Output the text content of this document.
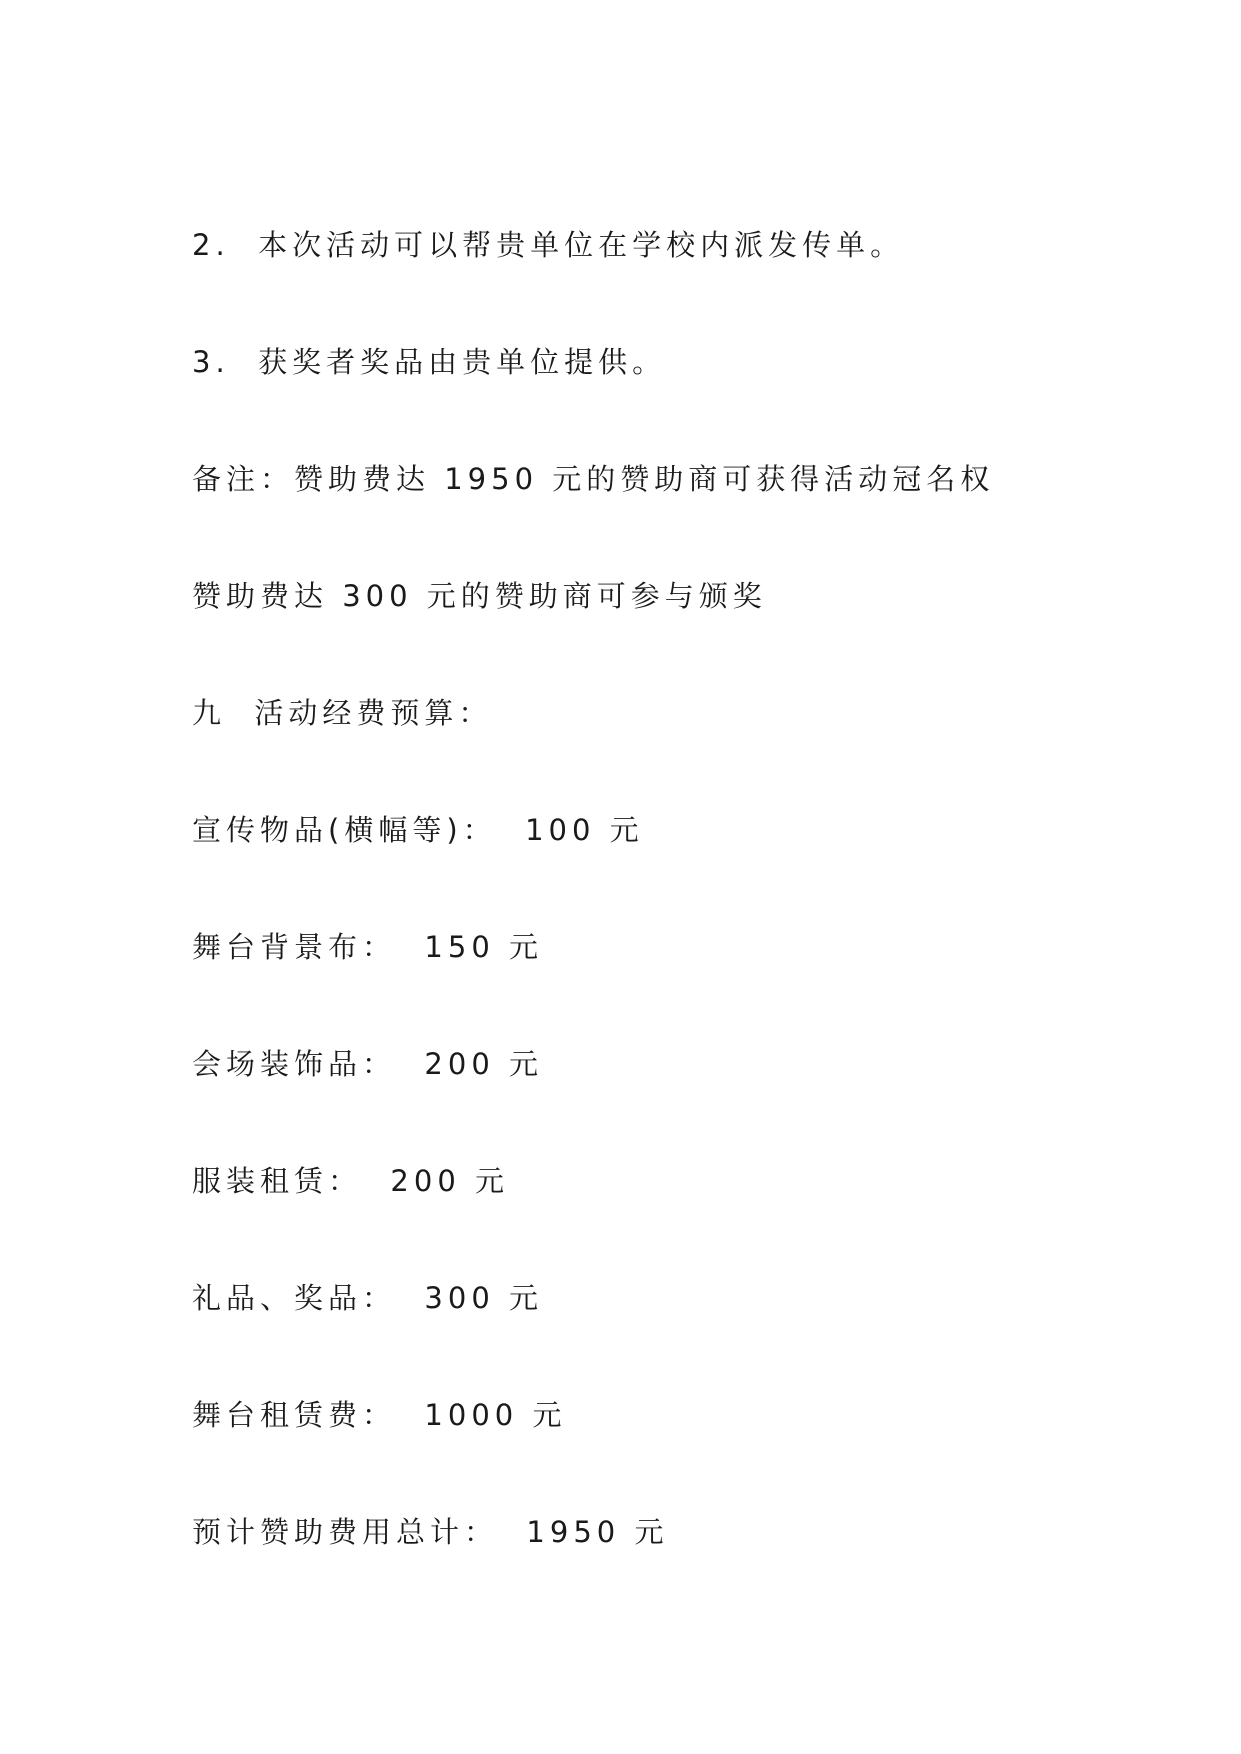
2.  本次活动可以帮贵单位在学校内派发传单。
3.  获奖者奖品由贵单位提供。
备注：赞助费达 1950 元的赞助商可获得活动冠名权
赞助费达 300 元的赞助商可参与颁奖
九  活动经费预算：
宣传物品(横幅等)：  100 元
舞台背景布：  150 元
会场装饰品：  200 元
服装租赁：  200 元
礼品、奖品：  300 元
舞台租赁费：  1000 元
预计赞助费用总计：  1950 元
